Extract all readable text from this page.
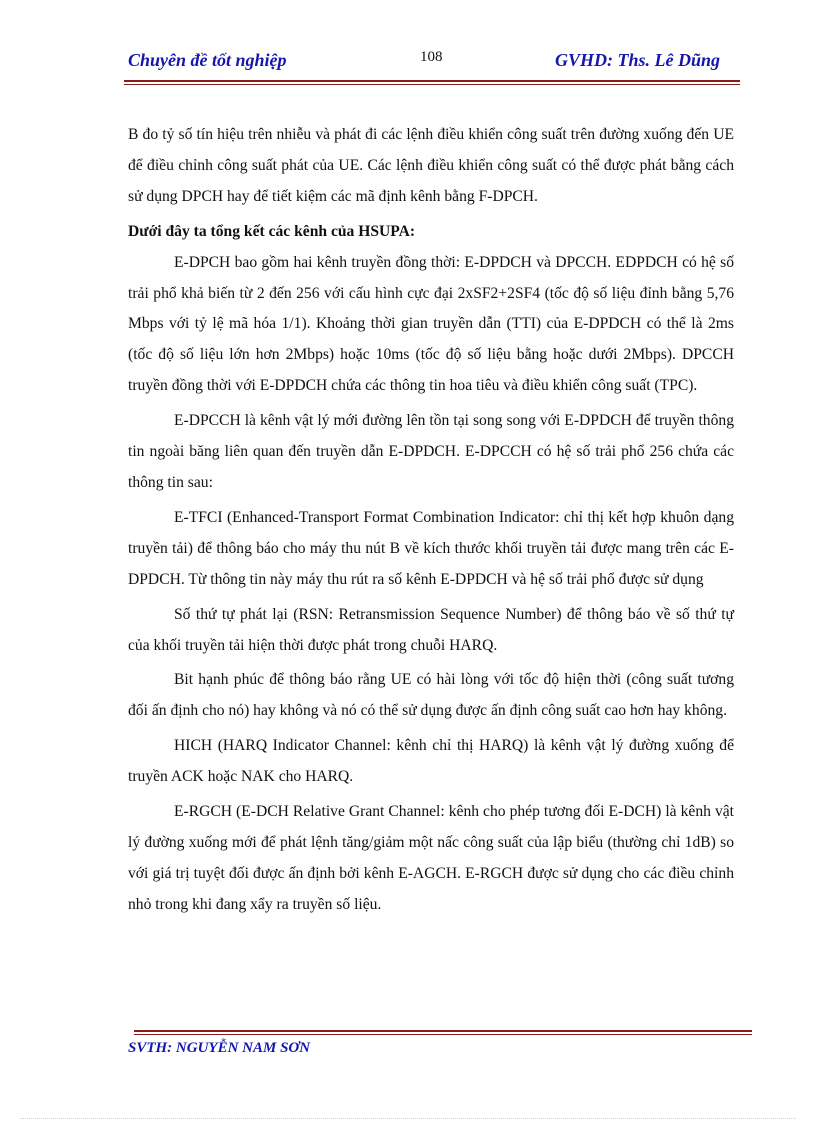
Chuyên đề tốt nghiệp	108	GVHD: Ths. Lê Dũng

B đo tỷ số tín hiệu trên nhiễu và phát đi các lệnh điều khiển công suất trên đường xuống đến UE để điều chỉnh công suất phát của UE. Các lệnh điều khiển công suất có thể được phát bằng cách sử dụng DPCH hay để tiết kiệm các mã định kênh bằng F-DPCH.

Dưới đây ta tổng kết các kênh của HSUPA:

E-DPCH bao gồm hai kênh truyền đồng thời: E-DPDCH và DPCCH. EDPDCH có hệ số trải phổ khả biến từ 2 đến 256 với cấu hình cực đại 2xSF2+2SF4 (tốc độ số liệu đỉnh bằng 5,76 Mbps với tỷ lệ mã hóa 1/1). Khoảng thời gian truyền dẫn (TTI) của E-DPDCH có thể là 2ms (tốc độ số liệu lớn hơn 2Mbps) hoặc 10ms (tốc độ số liệu bằng hoặc dưới 2Mbps). DPCCH truyền đồng thời với E-DPDCH chứa các thông tin hoa tiêu và điều khiển công suất (TPC).

E-DPCCH là kênh vật lý mới đường lên tồn tại song song với E-DPDCH để truyền thông tin ngoài băng liên quan đến truyền dẫn E-DPDCH. E-DPCCH có hệ số trải phổ 256 chứa các thông tin sau:

E-TFCI (Enhanced-Transport Format Combination Indicator: chỉ thị kết hợp khuôn dạng truyền tải) để thông báo cho máy thu nút B về kích thước khối truyền tải được mang trên các E-DPDCH. Từ thông tin này máy thu rút ra số kênh E-DPDCH và hệ số trải phổ được sử dụng

Số thứ tự phát lại (RSN: Retransmission Sequence Number) để thông báo về số thứ tự của khối truyền tải hiện thời được phát trong chuỗi HARQ.

Bit hạnh phúc để thông báo rằng UE có hài lòng với tốc độ hiện thời (công suất tương đối ấn định cho nó) hay không và nó có thể sử dụng được ấn định công suất cao hơn hay không.

HICH (HARQ Indicator Channel: kênh chỉ thị HARQ) là kênh vật lý đường xuống để truyền ACK hoặc NAK cho HARQ.

E-RGCH (E-DCH Relative Grant Channel: kênh cho phép tương đối E-DCH) là kênh vật lý đường xuống mới để phát lệnh tăng/giảm một nấc công suất của lập biểu (thường chỉ 1dB) so với giá trị tuyệt đối được ấn định bởi kênh E-AGCH. E-RGCH được sử dụng cho các điều chỉnh nhỏ trong khi đang xẩy ra truyền số liệu.

SVTH: NGUYỄN NAM SƠN
